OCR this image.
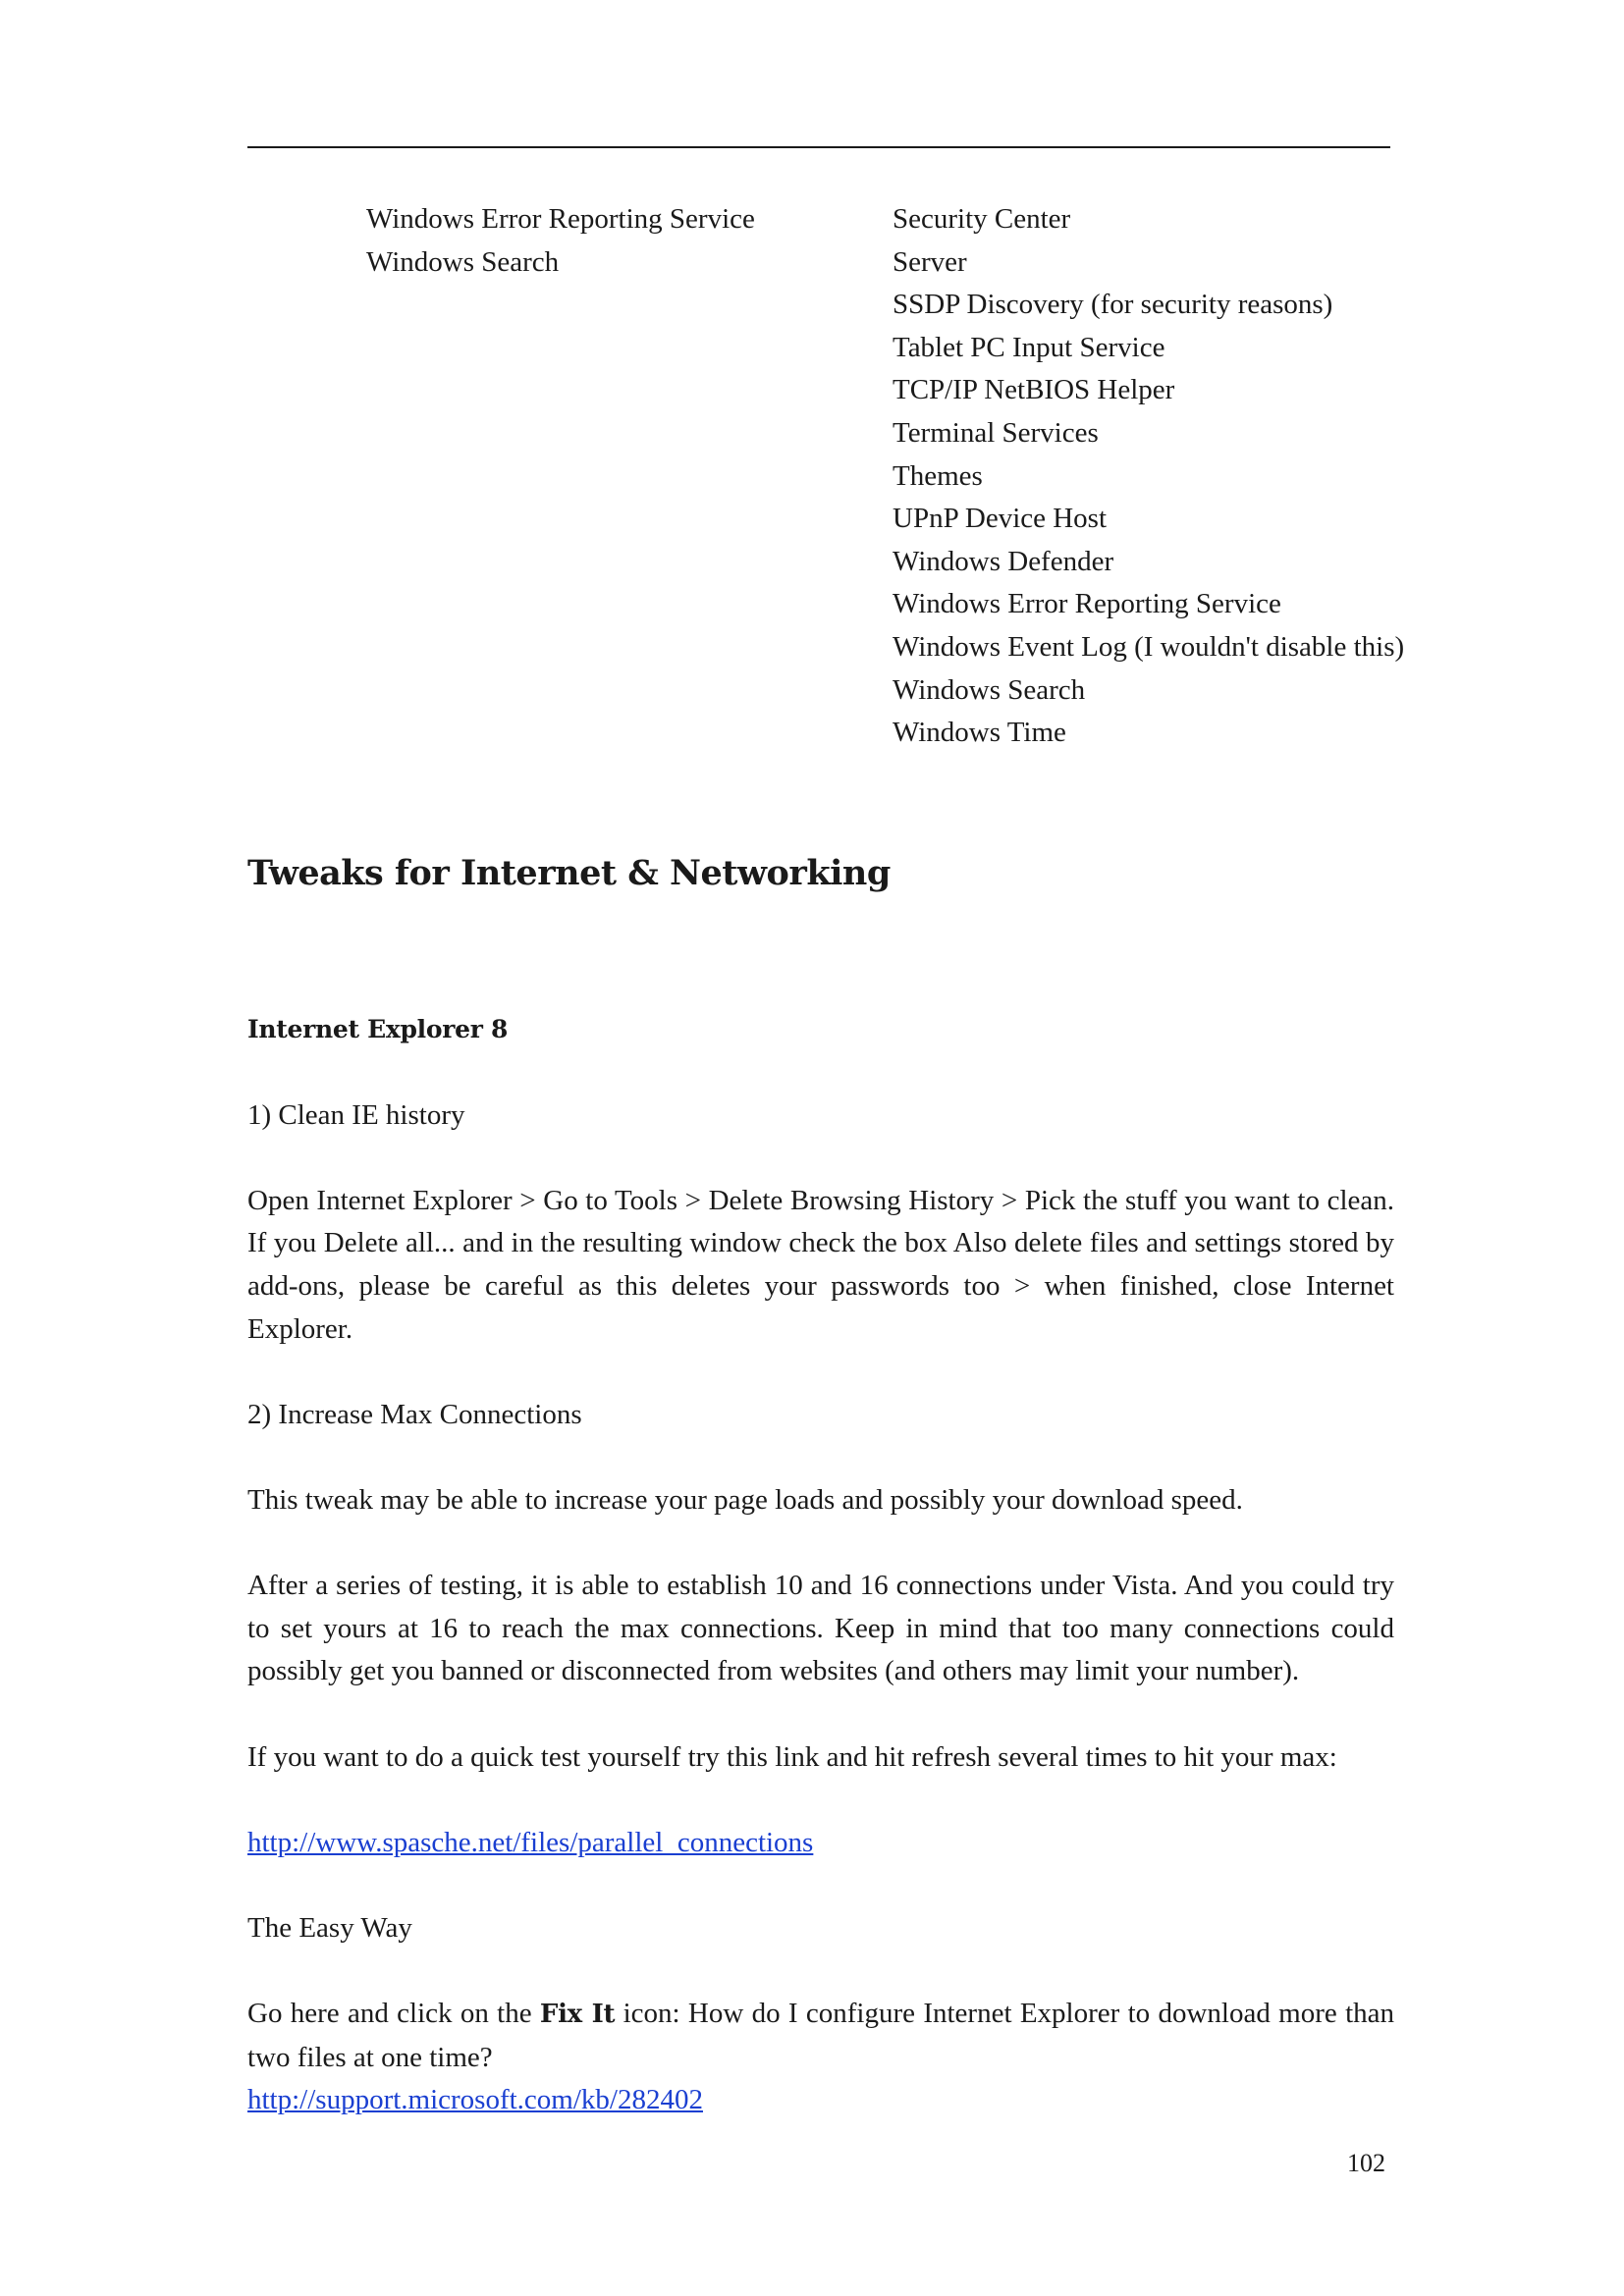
Windows Error Reporting Service
Windows Search
Security Center
Server
SSDP Discovery (for security reasons)
Tablet PC Input Service
TCP/IP NetBIOS Helper
Terminal Services
Themes
UPnP Device Host
Windows Defender
Windows Error Reporting Service
Windows Event Log (I wouldn't disable this)
Windows Search
Windows Time
Tweaks for Internet & Networking
Internet Explorer 8

1) Clean IE history

Open Internet Explorer > Go to Tools > Delete Browsing History > Pick the stuff you want to clean. If you Delete all... and in the resulting window check the box Also delete files and settings stored by add-ons, please be careful as this deletes your passwords too > when finished, close Internet Explorer.

2) Increase Max Connections

This tweak may be able to increase your page loads and possibly your download speed.

After a series of testing, it is able to establish 10 and 16 connections under Vista. And you could try to set yours at 16 to reach the max connections. Keep in mind that too many connections could possibly get you banned or disconnected from websites (and others may limit your number).

If you want to do a quick test yourself try this link and hit refresh several times to hit your max:

http://www.spasche.net/files/parallel_connections

The Easy Way

Go here and click on the Fix It icon: How do I configure Internet Explorer to download more than two files at one time?

http://support.microsoft.com/kb/282402

102
